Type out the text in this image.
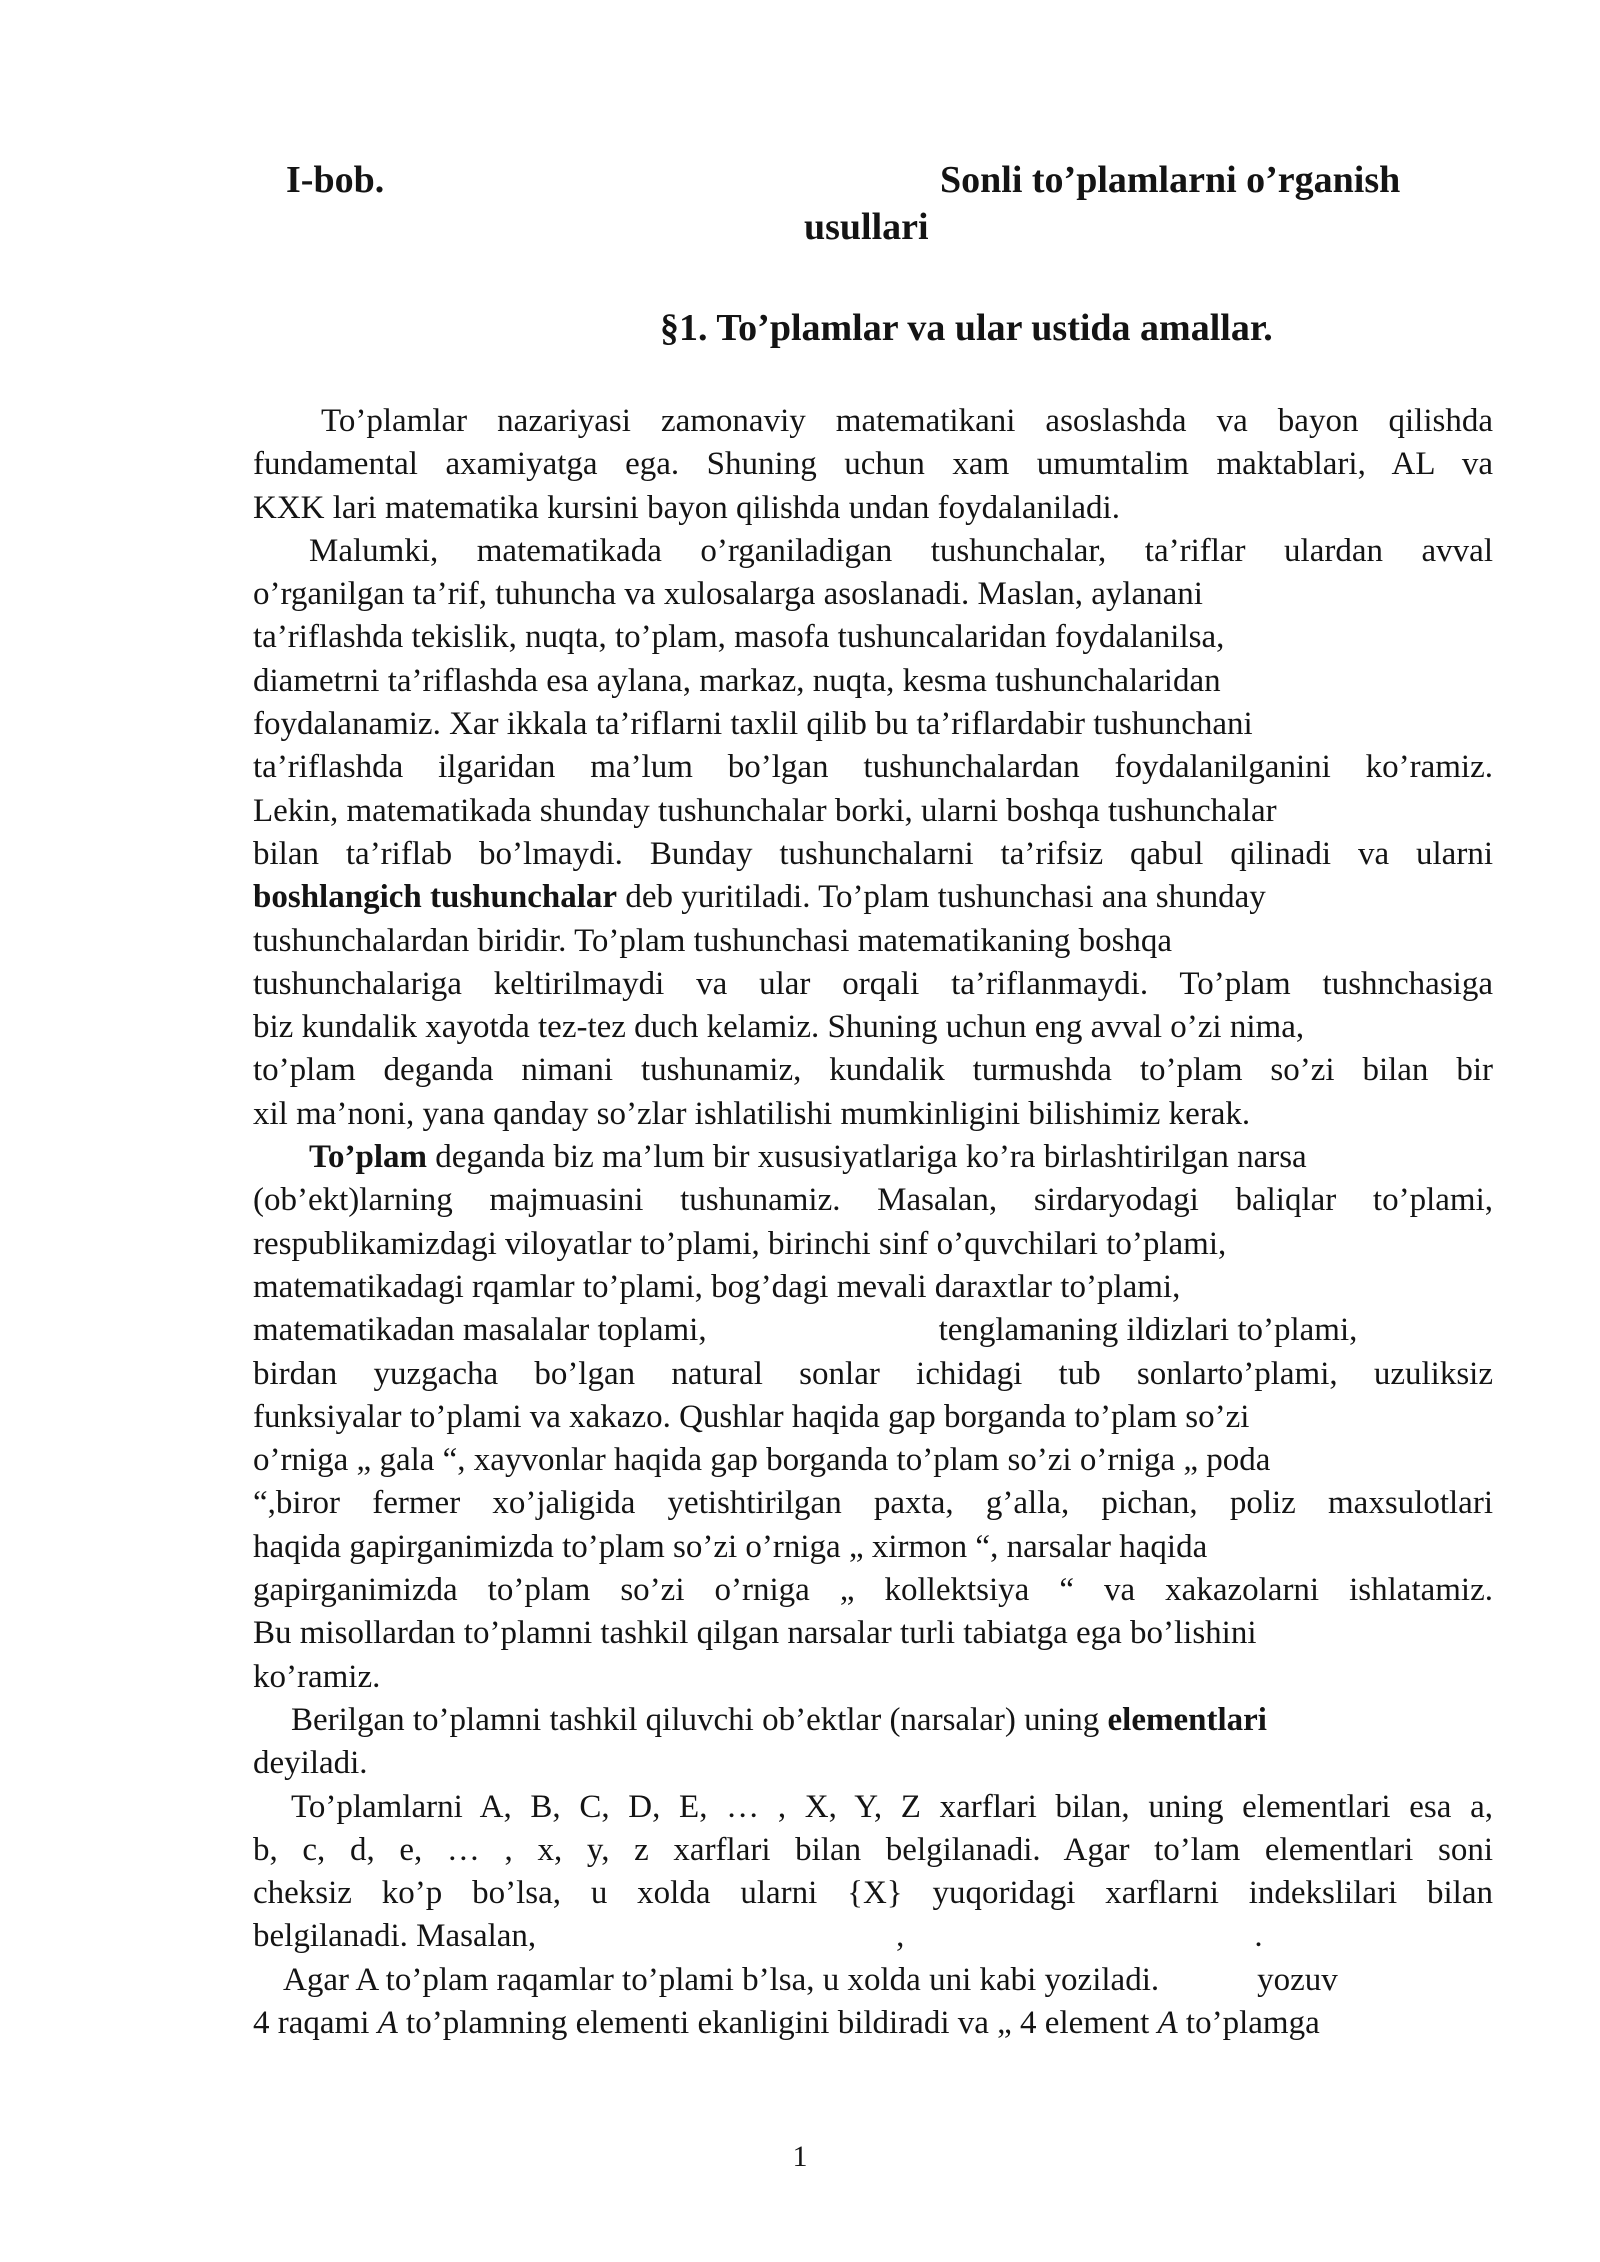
I-bob.	Sonli to’plamlarni o’rganish
usullari
§1. To’plamlar va ular ustida amallar.
To’plamlar nazariyasi zamonaviy matematikani asoslashda va bayon qilishda
fundamental axamiyatga ega. Shuning uchun xam umumtalim maktablari, AL va
KXK lari matematika kursini bayon qilishda undan foydalaniladi.
Malumki, matematikada o’rganiladigan tushunchalar, ta’riflar ulardan avval
o’rganilgan ta’rif, tuhuncha va xulosalarga asoslanadi. Maslan, aylanani
ta’riflashda tekislik, nuqta, to’plam, masofa tushuncalaridan foydalanilsa,
diametrni ta’riflashda esa aylana, markaz, nuqta, kesma tushunchalaridan
foydalanamiz. Xar ikkala ta’riflarni taxlil qilib bu ta’riflardabir tushunchani
ta’riflashda ilgaridan ma’lum bo’lgan tushunchalardan foydalanilganini ko’ramiz.
Lekin, matematikada shunday tushunchalar borki, ularni boshqa tushunchalar
bilan ta’riflab bo’lmaydi. Bunday tushunchalarni ta’rifsiz qabul qilinadi va ularni
boshlangich tushunchalar deb yuritiladi. To’plam tushunchasi ana shunday
tushunchalardan biridir. To’plam tushunchasi matematikaning boshqa
tushunchalariga keltirilmaydi va ular orqali ta’riflanmaydi. To’plam tushnchasiga
biz kundalik xayotda tez-tez duch kelamiz. Shuning uchun eng avval o’zi nima,
to’plam deganda nimani tushunamiz, kundalik turmushda to’plam so’zi bilan bir
xil ma’noni, yana qanday so’zlar ishlatilishi mumkinligini bilishimiz kerak.
To’plam deganda biz ma’lum bir xususiyatlariga ko’ra birlashtirilgan narsa
(ob’ekt)larning majmuasini tushunamiz. Masalan, sirdaryodagi baliqlar to’plami,
respublikamizdagi viloyatlar to’plami, birinchi sinf o’quvchilari to’plami,
matematikadagi rqamlar to’plami, bog’dagi mevali daraxtlar to’plami,
matematikadan masalalar toplami,	tenglamaning ildizlari to’plami,
birdan yuzgacha bo’lgan natural sonlar ichidagi tub sonlarto’plami, uzuliksiz
funksiyalar to’plami va xakazo. Qushlar haqida gap borganda to’plam so’zi
o’rniga „ gala “, xayvonlar haqida gap borganda to’plam so’zi o’rniga „ poda
“,biror fermer xo’jaligida yetishtirilgan paxta, g’alla, pichan, poliz maxsulotlari
haqida gapirganimizda to’plam so’zi o’rniga „ xirmon “, narsalar haqida
gapirganimizda to’plam so’zi o’rniga „ kollektsiya “ va xakazolarni ishlatamiz.
Bu misollardan to’plamni tashkil qilgan narsalar turli tabiatga ega bo’lishini
ko’ramiz.
Berilgan to’plamni tashkil qiluvchi ob’ektlar (narsalar) uning elementlari
deyiladi.
To’plamlarni A, B, C, D, E, … , X, Y, Z xarflari bilan, uning elementlari esa a,
b, c, d, e, … , x, y, z xarflari bilan belgilanadi. Agar to’lam elementlari soni
cheksiz ko’p bo’lsa, u xolda ularni {X} yuqoridagi xarflarni indekslilari bilan
belgilanadi. Masalan,	,	.
Agar A to’plam raqamlar to’plami b’lsa, u xolda uni kabi yoziladi.	yozuv
4 raqami A to’plamning elementi ekanligini bildiradi va „ 4 element A to’plamga
1
